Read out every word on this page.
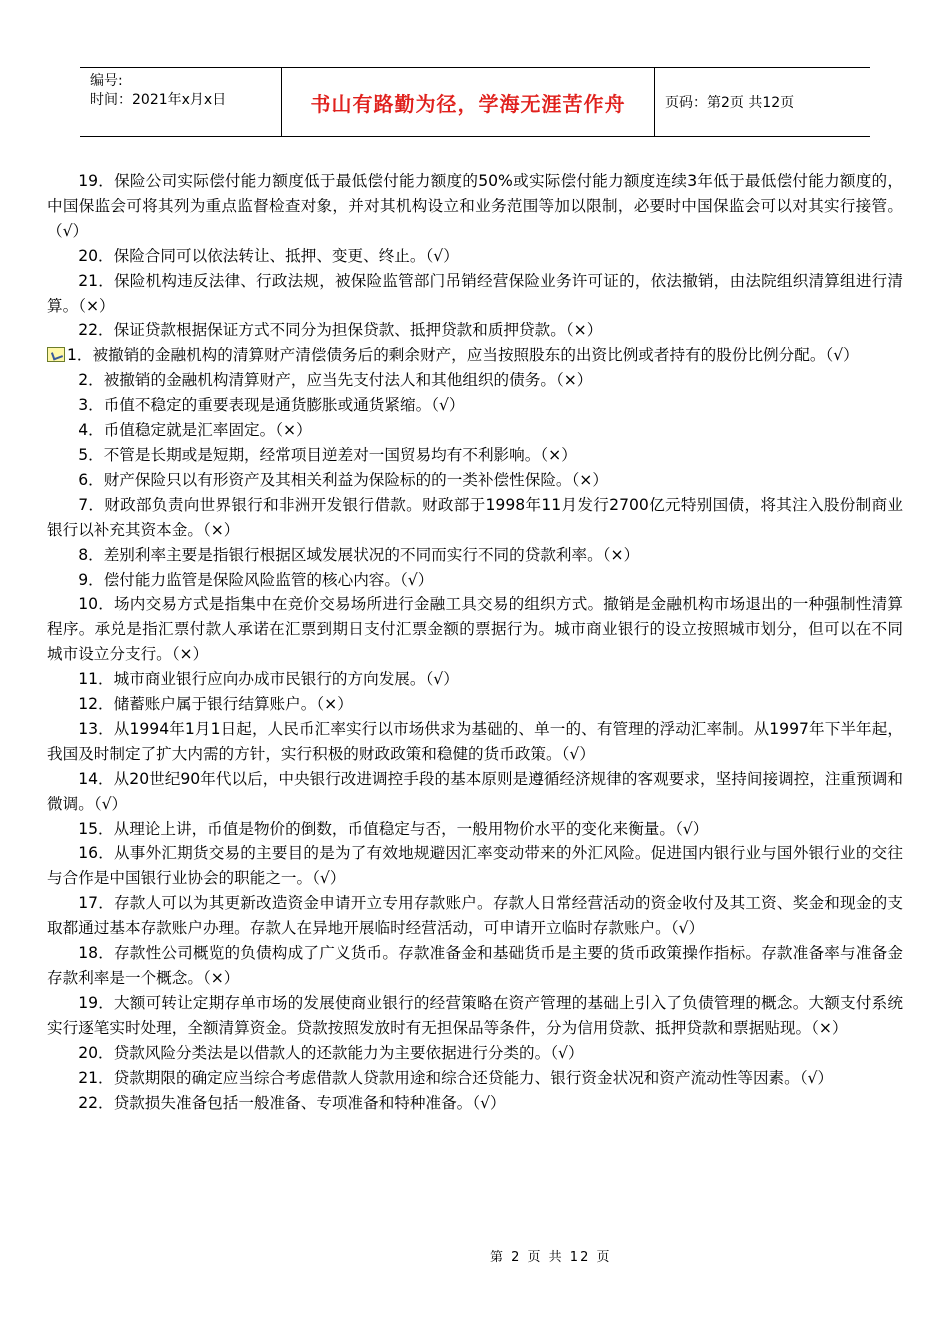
编号:
时间：2021年x月x日	书山有路勤为径，学海无涯苦作舟	页码：第2页 共12页

19．保险公司实际偿付能力额度低于最低偿付能力额度的50%或实际偿付能力额度连续3年低于最低偿付能力额度的，中国保监会可将其列为重点监督检查对象，并对其机构设立和业务范围等加以限制，必要时中国保监会可以对其实行接管。（√）

20．保险合同可以依法转让、抵押、变更、终止。（√）

21．保险机构违反法律、行政法规，被保险监管部门吊销经营保险业务许可证的，依法撤销，由法院组织清算组进行清算。（×）

22．保证贷款根据保证方式不同分为担保贷款、抵押贷款和质押贷款。（×）

1．被撤销的金融机构的清算财产清偿债务后的剩余财产，应当按照股东的出资比例或者持有的股份比例分配。（√）

2．被撤销的金融机构清算财产，应当先支付法人和其他组织的债务。（×）

3．币值不稳定的重要表现是通货膨胀或通货紧缩。（√）

4．币值稳定就是汇率固定。（×）

5．不管是长期或是短期，经常项目逆差对一国贸易均有不利影响。（×）

6．财产保险只以有形资产及其相关利益为保险标的的一类补偿性保险。（×）

7．财政部负责向世界银行和非洲开发银行借款。财政部于1998年11月发行2700亿元特别国债，将其注入股份制商业银行以补充其资本金。（×）

8．差别利率主要是指银行根据区域发展状况的不同而实行不同的贷款利率。（×）

9．偿付能力监管是保险风险监管的核心内容。（√）

10．场内交易方式是指集中在竞价交易场所进行金融工具交易的组织方式。撤销是金融机构市场退出的一种强制性清算程序。承兑是指汇票付款人承诺在汇票到期日支付汇票金额的票据行为。城市商业银行的设立按照城市划分，但可以在不同城市设立分支行。（×）

11．城市商业银行应向办成市民银行的方向发展。（√）

12．储蓄账户属于银行结算账户。（×）

13．从1994年1月1日起，人民币汇率实行以市场供求为基础的、单一的、有管理的浮动汇率制。从1997年下半年起，我国及时制定了扩大内需的方针，实行积极的财政政策和稳健的货币政策。（√）

14．从20世纪90年代以后，中央银行改进调控手段的基本原则是遵循经济规律的客观要求，坚持间接调控，注重预调和微调。（√）

15．从理论上讲，币值是物价的倒数，币值稳定与否，一般用物价水平的变化来衡量。（√）

16．从事外汇期货交易的主要目的是为了有效地规避因汇率变动带来的外汇风险。促进国内银行业与国外银行业的交往与合作是中国银行业协会的职能之一。（√）

17．存款人可以为其更新改造资金申请开立专用存款账户。存款人日常经营活动的资金收付及其工资、奖金和现金的支取都通过基本存款账户办理。存款人在异地开展临时经营活动，可申请开立临时存款账户。（√）

18．存款性公司概览的负债构成了广义货币。存款准备金和基础货币是主要的货币政策操作指标。存款准备率与准备金存款利率是一个概念。（×）

19．大额可转让定期存单市场的发展使商业银行的经营策略在资产管理的基础上引入了负债管理的概念。大额支付系统实行逐笔实时处理，全额清算资金。贷款按照发放时有无担保品等条件，分为信用贷款、抵押贷款和票据贴现。（×）

20．贷款风险分类法是以借款人的还款能力为主要依据进行分类的。（√）

21．贷款期限的确定应当综合考虑借款人贷款用途和综合还贷能力、银行资金状况和资产流动性等因素。（√）

22．贷款损失准备包括一般准备、专项准备和特种准备。（√）

第 2 页 共 12 页
